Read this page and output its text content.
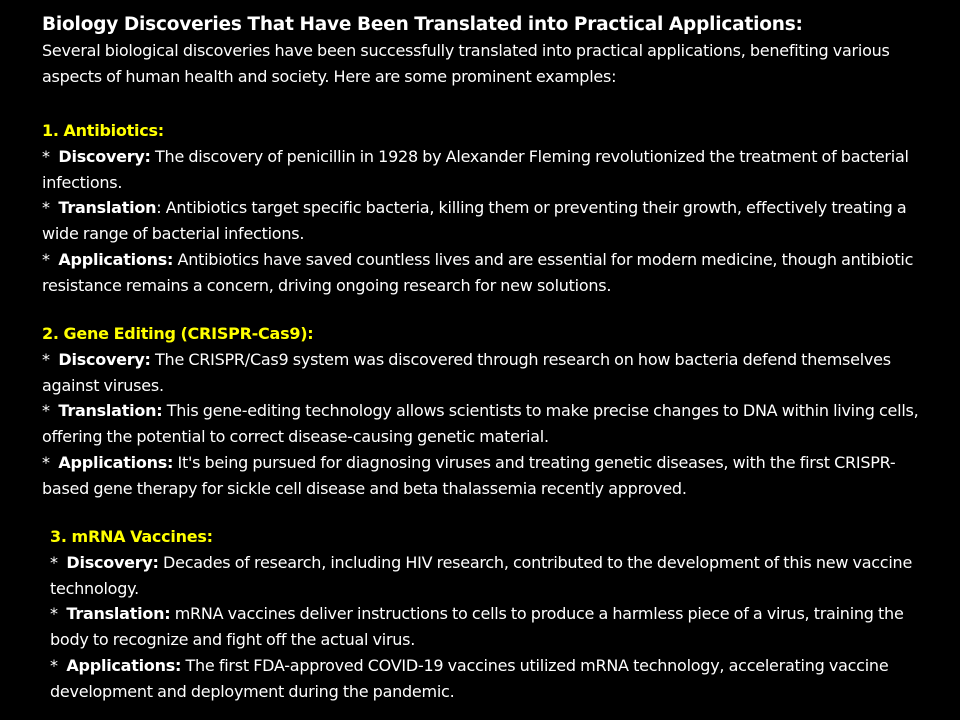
Biology Discoveries That Have Been Translated into Practical Applications:

Several biological discoveries have been successfully translated into practical applications, benefiting various aspects of human health and society. Here are some prominent examples:

1. Antibiotics:

*  Discovery: The discovery of penicillin in 1928 by Alexander Fleming revolutionized the treatment of bacterial infections.

*  Translation: Antibiotics target specific bacteria, killing them or preventing their growth, effectively treating a wide range of bacterial infections.

*  Applications: Antibiotics have saved countless lives and are essential for modern medicine, though antibiotic resistance remains a concern, driving ongoing research for new solutions.

2. Gene Editing (CRISPR-Cas9):

*  Discovery: The CRISPR/Cas9 system was discovered through research on how bacteria defend themselves against viruses.

*  Translation: This gene-editing technology allows scientists to make precise changes to DNA within living cells, offering the potential to correct disease-causing genetic material.

*  Applications: It's being pursued for diagnosing viruses and treating genetic diseases, with the first CRISPR-based gene therapy for sickle cell disease and beta thalassemia recently approved.

3. mRNA Vaccines:

*  Discovery: Decades of research, including HIV research, contributed to the development of this new vaccine technology.

*  Translation: mRNA vaccines deliver instructions to cells to produce a harmless piece of a virus, training the body to recognize and fight off the actual virus.

*  Applications: The first FDA-approved COVID-19 vaccines utilized mRNA technology, accelerating vaccine development and deployment during the pandemic.
